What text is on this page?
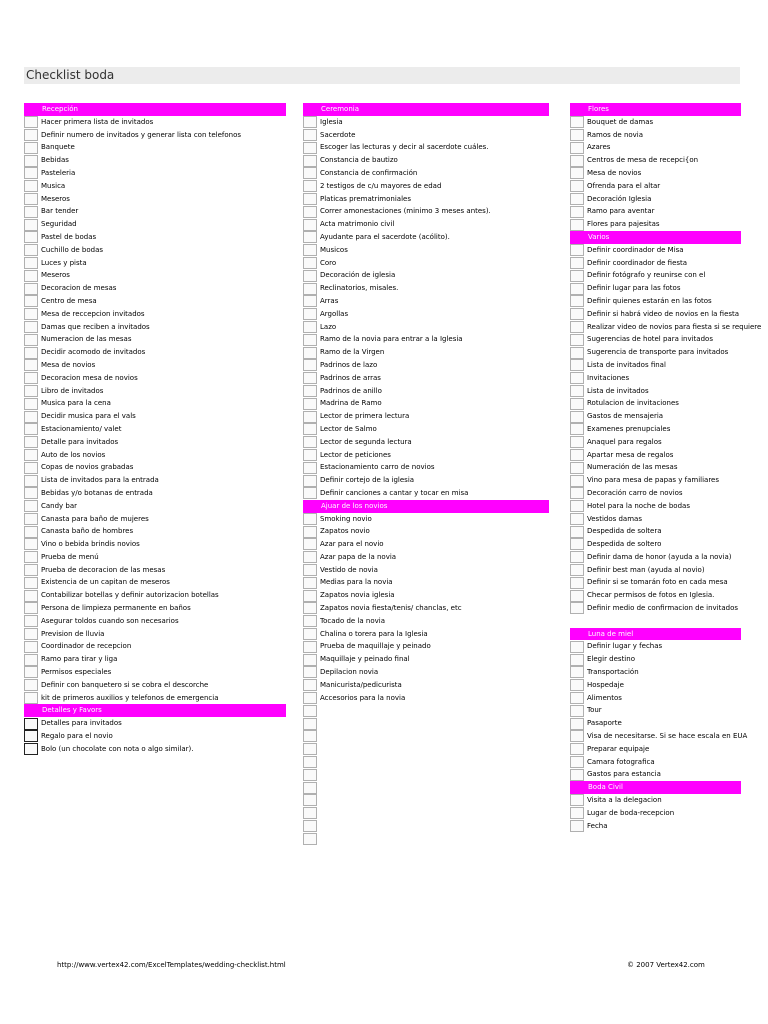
Checklist boda
Recepción
Hacer primera lista de invitados
Definir numero de invitados y generar lista con telefonos
Banquete
Bebidas
Pasteleria
Musica
Meseros
Bar tender
Seguridad
Pastel de bodas
Cuchillo de bodas
Luces y pista
Meseros
Decoracion de mesas
Centro de mesa
Mesa de reccepcion invitados
Damas que reciben a invitados
Numeracion de las mesas
Decidir acomodo de invitados
Mesa de novios
Decoracion mesa de novios
Libro de invitados
Musica para la cena
Decidir musica para el vals
Estacionamiento/ valet
Detalle para invitados
Auto de los novios
Copas de novios grabadas
Lista de invitados para la entrada
Bebidas y/o botanas de entrada
Candy bar
Canasta para baño de mujeres
Canasta baño de hombres
Vino o bebida brindis novios
Prueba de menú
Prueba de decoracion de las mesas
Existencia de un capitan de meseros
Contabilizar botellas y definir autorizacion botellas
Persona de limpieza permanente en baños
Asegurar toldos cuando son necesarios
Prevision de lluvia
Coordinador de recepcion
Ramo para tirar y liga
Permisos especiales
Definir con banquetero si se cobra el descorche
kit de primeros auxilios y telefonos de emergencia
Detalles y Favors
Detalles para invitados
Regalo para el novio
Bolo (un chocolate con nota o algo similar).
Ceremonia
Iglesia
Sacerdote
Escoger las lecturas y decir al sacerdote cuáles.
Constancia de bautizo
Constancia de confirmación
2 testigos de c/u mayores de edad
Platicas prematrimoniales
Correr amonestaciones (minimo 3 meses antes).
Acta matrimonio civil
Ayudante para el sacerdote (acólito).
Musicos
Coro
Decoración de iglesia
Reclinatorios, misales.
Arras
Argollas
Lazo
Ramo de la novia para entrar a la Iglesia
Ramo de la Virgen
Padrinos de lazo
Padrinos de arras
Padrinos de anillo
Madrina de Ramo
Lector de primera lectura
Lector de Salmo
Lector de segunda lectura
Lector de peticiones
Estacionamiento carro de novios
Definir cortejo de la iglesia
Definir canciones a cantar y tocar en misa
Ajuar de los novios
Smoking novio
Zapatos novio
Azar para el novio
Azar papa de la novia
Vestido de novia
Medias para la novia
Zapatos novia iglesia
Zapatos novia fiesta/tenis/ chanclas, etc
Tocado de la novia
Chalina o torera para la Iglesia
Prueba de maquillaje y peinado
Maquillaje y peinado final
Depilacion novia
Manicurista/pedicurista
Accesorios para la novia
Flores
Bouquet de damas
Ramos de novia
Azares
Centros de mesa de recepci{on
Mesa de novios
Ofrenda para el altar
Decoración Iglesia
Ramo para aventar
Flores para pajesitas
Varios
Definir coordinador de Misa
Definir coordinador de fiesta
Definir fotógrafo y reunirse con el
Definir lugar para las fotos
Definir quienes estarán en las fotos
Definir si habrá video de novios en la fiesta
Realizar video de novios para fiesta si se requiere
Sugerencias de hotel para invitados
Sugerencia de transporte para invitados
Lista de invitados final
Invitaciones
Lista de invitados
Rotulacion de invitaciones
Gastos de mensajeria
Examenes prenupciales
Anaquel para regalos
Apartar mesa de regalos
Numeración de las mesas
Vino para mesa de papas y familiares
Decoración carro de novios
Hotel para la noche de bodas
Vestidos damas
Despedida de soltera
Despedida de soltero
Definir dama de honor (ayuda a la novia)
Definir best man (ayuda al novio)
Definir si se tomarán foto en cada mesa
Checar permisos de fotos en Iglesia.
Definir medio de confirmacion de invitados
Luna de miel
Definir lugar y fechas
Elegir destino
Transportación
Hospedaje
Alimentos
Tour
Pasaporte
Visa de necesitarse. Si se hace escala en EUA
Preparar equipaje
Camara fotografica
Gastos para estancia
Boda Civil
Visita a la delegacion
Lugar de boda-recepcion
Fecha
http://www.vertex42.com/ExcelTemplates/wedding-checklist.html	© 2007 Vertex42.com
